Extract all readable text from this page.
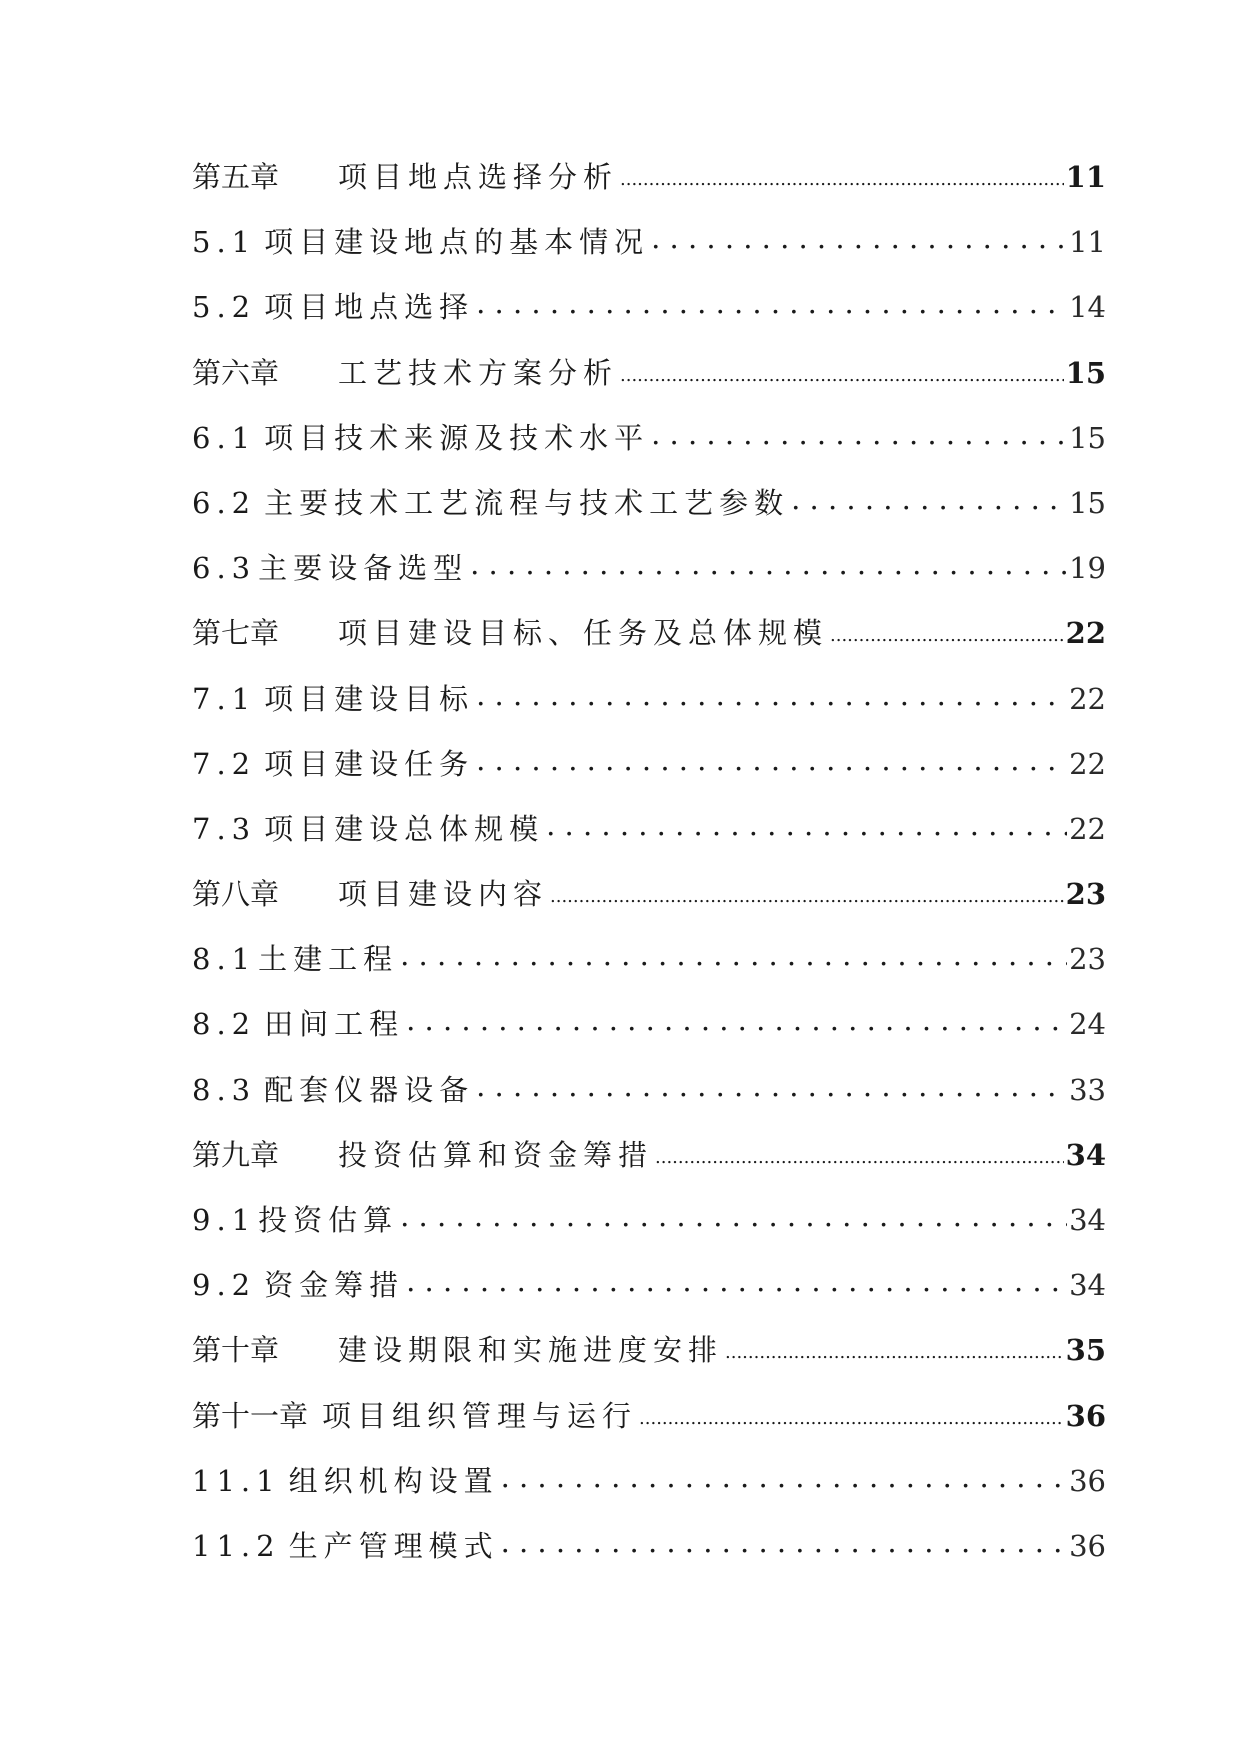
第五章 项目地点选择分析 .....	11
5.1 项目建设地点的基本情况 .....	11
5.2 项目地点选择 .....	14
第六章 工艺技术方案分析 .....	15
6.1 项目技术来源及技术水平 .....	15
6.2 主要技术工艺流程与技术工艺参数 .....	15
6.3主要设备选型 .....	19
第七章 项目建设目标、任务及总体规模 .....	22
7.1 项目建设目标 .....	22
7.2 项目建设任务 .....	22
7.3 项目建设总体规模 .....	22
第八章 项目建设内容 .....	23
8.1土建工程 .....	23
8.2 田间工程 .....	24
8.3 配套仪器设备 .....	33
第九章 投资估算和资金筹措 .....	34
9.1投资估算 .....	34
9.2 资金筹措 .....	34
第十章 建设期限和实施进度安排 .....	35
第十一章 项目组织管理与运行 .....	36
11.1 组织机构设置 .....	36
11.2 生产管理模式 .....	36
